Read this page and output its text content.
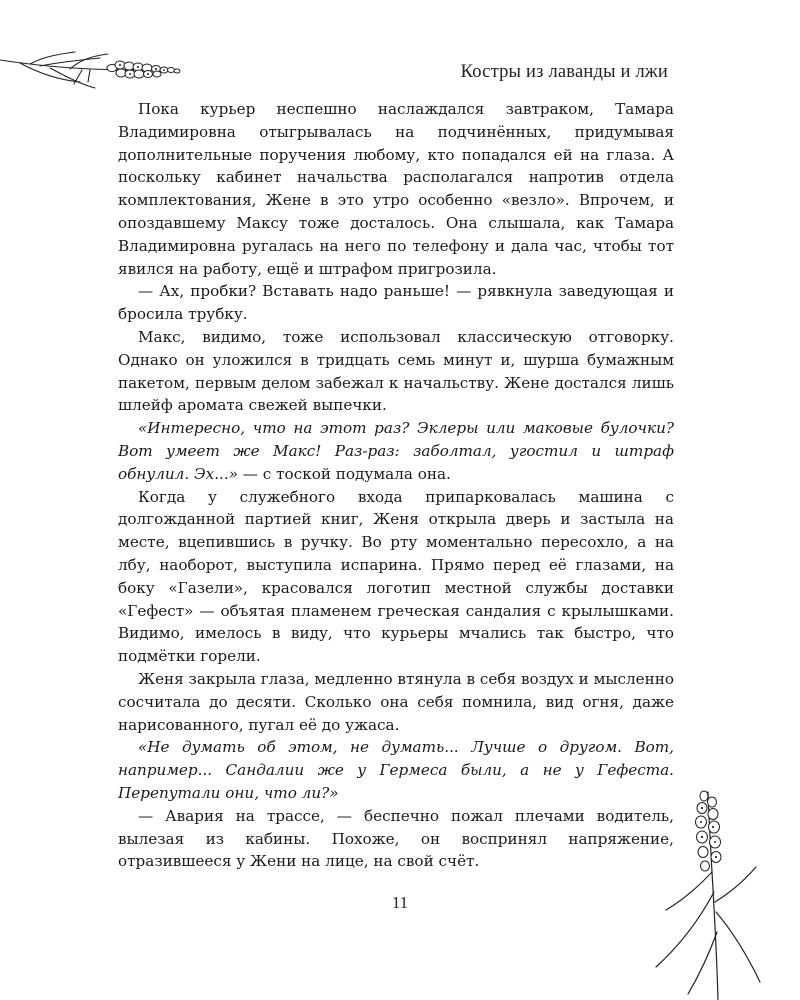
Костры из лаванды и лжи

Пока курьер неспешно наслаждался завтраком, Тамара Владимировна отыгрывалась на подчинённых, придумывая дополнительные поручения любому, кто попадался ей на глаза. А поскольку кабинет начальства располагался напротив отдела комплектования, Жене в это утро особенно «везло». Впрочем, и опоздавшему Максу тоже досталось. Она слышала, как Тамара Владимировна ругалась на него по телефону и дала час, чтобы тот явился на работу, ещё и штрафом пригрозила.

— Ах, пробки? Вставать надо раньше! — рявкнула заведующая и бросила трубку.

Макс, видимо, тоже использовал классическую отговорку. Однако он уложился в тридцать семь минут и, шурша бумажным пакетом, первым делом забежал к начальству. Жене достался лишь шлейф аромата свежей выпечки.

«Интересно, что на этот раз? Эклеры или маковые булочки? Вот умеет же Макс! Раз-раз: заболтал, угостил и штраф обнулил. Эх...» — с тоской подумала она.

Когда у служебного входа припарковалась машина с долгожданной партией книг, Женя открыла дверь и застыла на месте, вцепившись в ручку. Во рту моментально пересохло, а на лбу, наоборот, выступила испарина. Прямо перед её глазами, на боку «Газели», красовался логотип местной службы доставки «Гефест» — объятая пламенем греческая сандалия с крылышками. Видимо, имелось в виду, что курьеры мчались так быстро, что подмётки горели.

Женя закрыла глаза, медленно втянула в себя воздух и мысленно сосчитала до десяти. Сколько она себя помнила, вид огня, даже нарисованного, пугал её до ужаса.

«Не думать об этом, не думать... Лучше о другом. Вот, например... Сандалии же у Гермеса были, а не у Гефеста. Перепутали они, что ли?»

— Авария на трассе, — беспечно пожал плечами водитель, вылезая из кабины. Похоже, он воспринял напряжение, отразившееся у Жени на лице, на свой счёт.

11
